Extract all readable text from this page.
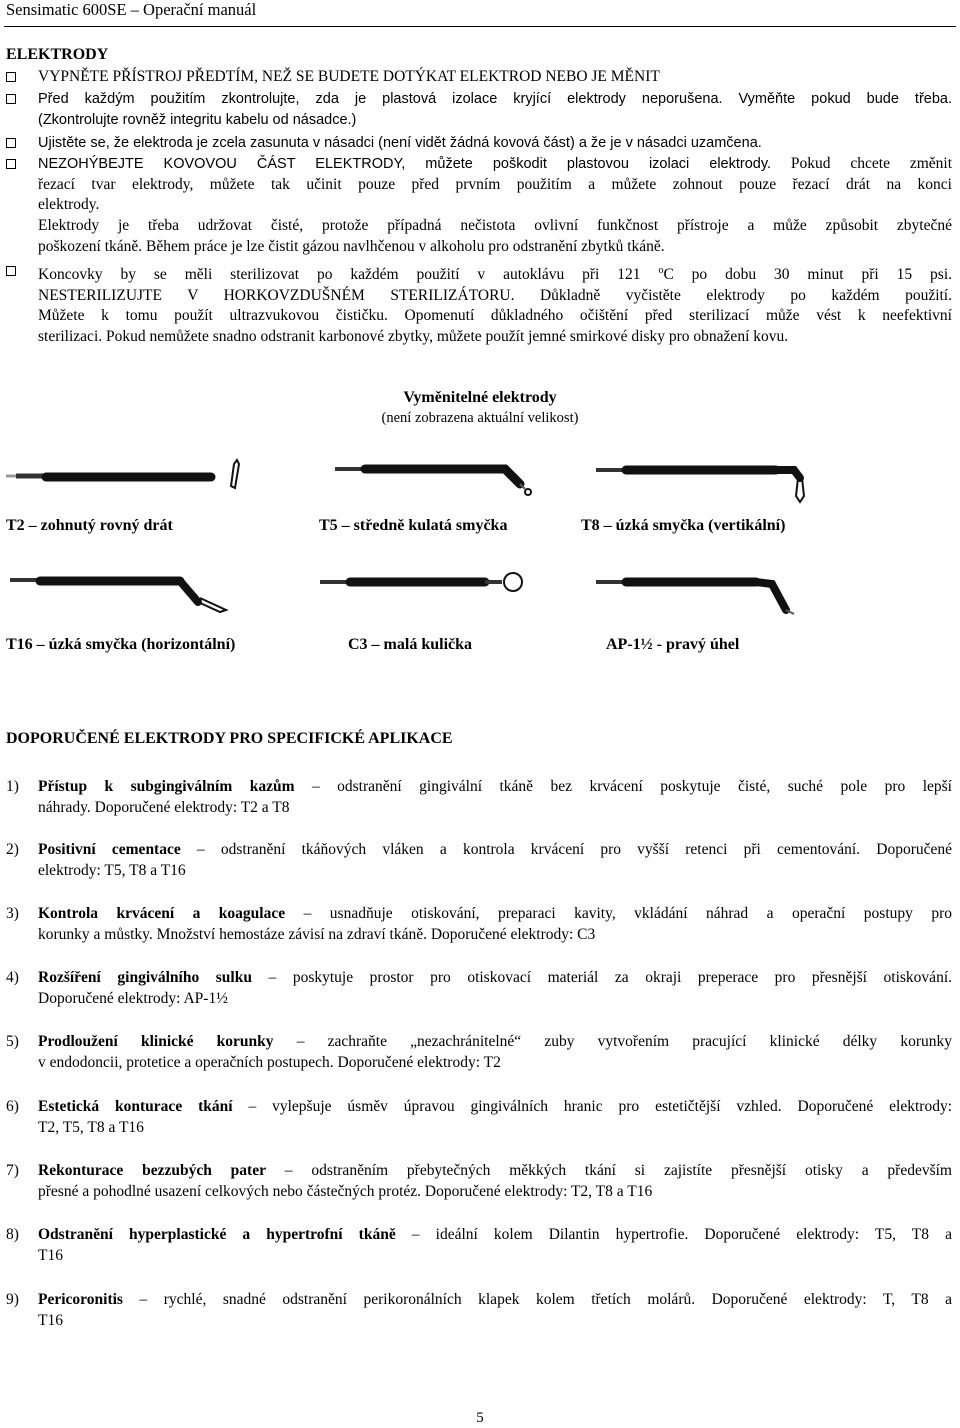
Sensimatic 600SE – Operační manuál
ELEKTRODY
VYPNĚTE PŘÍSTROJ PŘEDTÍM, NEŽ SE BUDETE DOTÝKAT ELEKTROD NEBO JE MĚNIT
Před každým použitím zkontrolujte, zda je plastová izolace kryjící elektrody neporušena. Vyměňte pokud bude třeba.
(Zkontrolujte rovněž integritu kabelu od násadce.)
Ujistěte se, že elektroda je zcela zasunuta v násadci (není vidět žádná kovová část) a že je v násadci uzamčena.
NEZOHÝBEJTE KOVOVOU ČÁST ELEKTRODY, můžete poškodit plastovou izolaci elektrody. Pokud chcete změnit
řezací tvar elektrody, můžete tak učinit pouze před prvním použitím a můžete zohnout pouze řezací drát na konci
elektrody.
Elektrody je třeba udržovat čisté, protože případná nečistota ovlivní funkčnost přístroje a může způsobit zbytečné
poškození tkáně. Během práce je lze čistit gázou navlhčenou v alkoholu pro odstranění zbytků tkáně.
Koncovky by se měli sterilizovat po každém použití v autoklávu při 121 $^o$C po dobu 30 minut při 15 psi.
NESTERILIZUJTE V HORKOVZDUŠNÉM STERILIZÁTORU. Důkladně vyčistěte elektrody po každém použití.
Můžete k tomu použít ultrazvukovou čističku. Opomenutí důkladného očištění před sterilizací může vést k neefektivní
sterilizaci. Pokud nemůžete snadno odstranit karbonové zbytky, můžete použít jemné smirkové disky pro obnažení kovu.
Vyměnitelné elektrody
(není zobrazena aktuální velikost)
T2 – zohnutý rovný drát	T5 – středně kulatá smyčka	T8 – úzká smyčka (vertikální)
T16 – úzká smyčka (horizontální)	C3 – malá kulička	AP-1½ - pravý úhel
DOPORUČENÉ ELEKTRODY PRO SPECIFICKÉ APLIKACE
1) Přístup k subgingiválním kazům – odstranění gingivální tkáně bez krvácení poskytuje čisté, suché pole pro lepší
náhrady. Doporučené elektrody: T2 a T8
2) Positivní cementace – odstranění tkáňových vláken a kontrola krvácení pro vyšší retenci při cementování. Doporučené
elektrody: T5, T8 a T16
3) Kontrola krvácení a koagulace – usnadňuje otiskování, preparaci kavity, vkládání náhrad a operační postupy pro
korunky a můstky. Množství hemostáze závisí na zdraví tkáně. Doporučené elektrody: C3
4) Rozšíření gingiválního sulku – poskytuje prostor pro otiskovací materiál za okraji preperace pro přesnější otiskování.
Doporučené elektrody: AP-1½
5) Prodloužení klinické korunky – zachraňte „nezachránitelné“ zuby vytvořením pracující klinické délky korunky
v endodoncii, protetice a operačních postupech. Doporučené elektrody: T2
6) Estetická konturace tkání – vylepšuje úsměv úpravou gingiválních hranic pro estetičtější vzhled. Doporučené elektrody:
T2, T5, T8 a T16
7) Rekonturace bezzubých pater – odstraněním přebytečných měkkých tkání si zajistíte přesnější otisky a především
přesné a pohodlné usazení celkových nebo částečných protéz. Doporučené elektrody: T2, T8 a T16
8) Odstranění hyperplastické a hypertrofní tkáně – ideální kolem Dilantin hypertrofie. Doporučené elektrody: T5, T8 a
T16
9) Pericoronitis – rychlé, snadné odstranění perikoronálních klapek kolem třetích molárů. Doporučené elektrody: T, T8 a
T16
5
